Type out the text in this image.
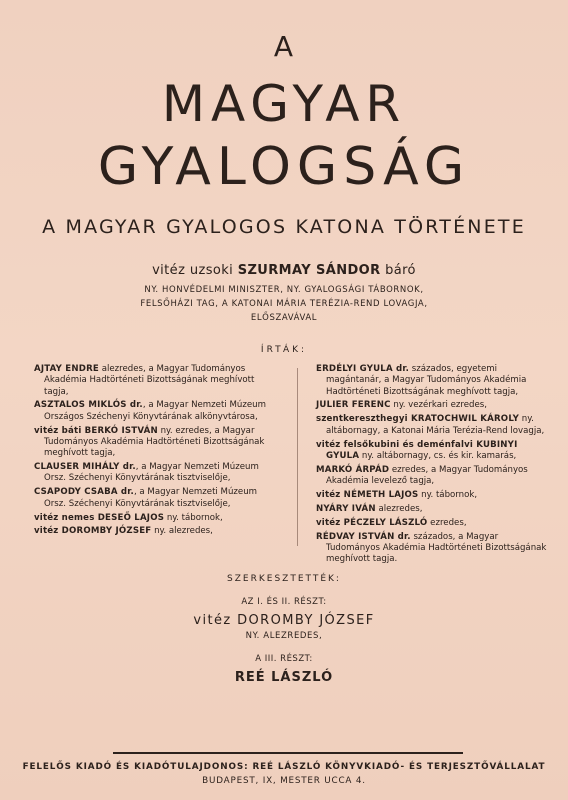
A
MAGYAR
GYALOGSÁG
A MAGYAR GYALOGOS KATONA TÖRTÉNETE
vitéz uzsoki SZURMAY SÁNDOR báró
NY. HONVÉDELMI MINISZTER, NY. GYALOGSÁGI TÁBORNOK,
FELSŐHÁZI TAG, A KATONAI MÁRIA TERÉZIA-REND LOVAGJA,
ELŐSZAVÁVAL
ÍRTÁK:
AJTAY ENDRE alezredes, a Magyar Tudományos Akadémia Hadtörténeti Bizottságának meghívott tagja,
ASZTALOS MIKLÓS dr., a Magyar Nemzeti Múzeum Országos Széchenyi Könyvtárának alkönyvtárosa,
vitéz báti BERKÓ ISTVÁN ny. ezredes, a Magyar Tudományos Akadémia Hadtörténeti Bizottságának meghívott tagja,
CLAUSER MIHÁLY dr., a Magyar Nemzeti Múzeum Orsz. Széchenyi Könyvtárának tisztviselője,
CSAPODY CSABA dr., a Magyar Nemzeti Múzeum Orsz. Széchenyi Könyvtárának tisztviselője,
vitéz nemes DESEŐ LAJOS ny. tábornok,
vitéz DOROMBY JÓZSEF ny. alezredes,
ERDÉLYI GYULA dr. százados, egyetemi magántanár, a Magyar Tudományos Akadémia Hadtörténeti Bizottságának meghívott tagja,
JULIER FERENC ny. vezérkari ezredes,
szentkereszthegyi KRATOCHWIL KÁROLY ny. altábornagy, a Katonai Mária Terézia-Rend lovagja,
vitéz felsőkubini és deménfalvi KUBINYI GYULA ny. altábornagy, cs. és kir. kamarás,
MARKÓ ÁRPÁD ezredes, a Magyar Tudományos Akadémia levelező tagja,
vitéz NÉMETH LAJOS ny. tábornok,
NYÁRY IVÁN alezredes,
vitéz PÉCZELY LÁSZLÓ ezredes,
RÉDVAY ISTVÁN dr. százados, a Magyar Tudományos Akadémia Hadtörténeti Bizottságának meghívott tagja.
SZERKESZTETTÉK:
AZ I. ÉS II. RÉSZT:
vitéz DOROMBY JÓZSEF
NY. ALEZREDES,
A III. RÉSZT:
REÉ LÁSZLÓ
FELELŐS KIADÓ ÉS KIADÓTULAJDONOS: REÉ LÁSZLÓ KÖNYVKIADÓ- ÉS TERJESZTŐVÁLLALAT
BUDAPEST, IX, MESTER UCCA 4.
